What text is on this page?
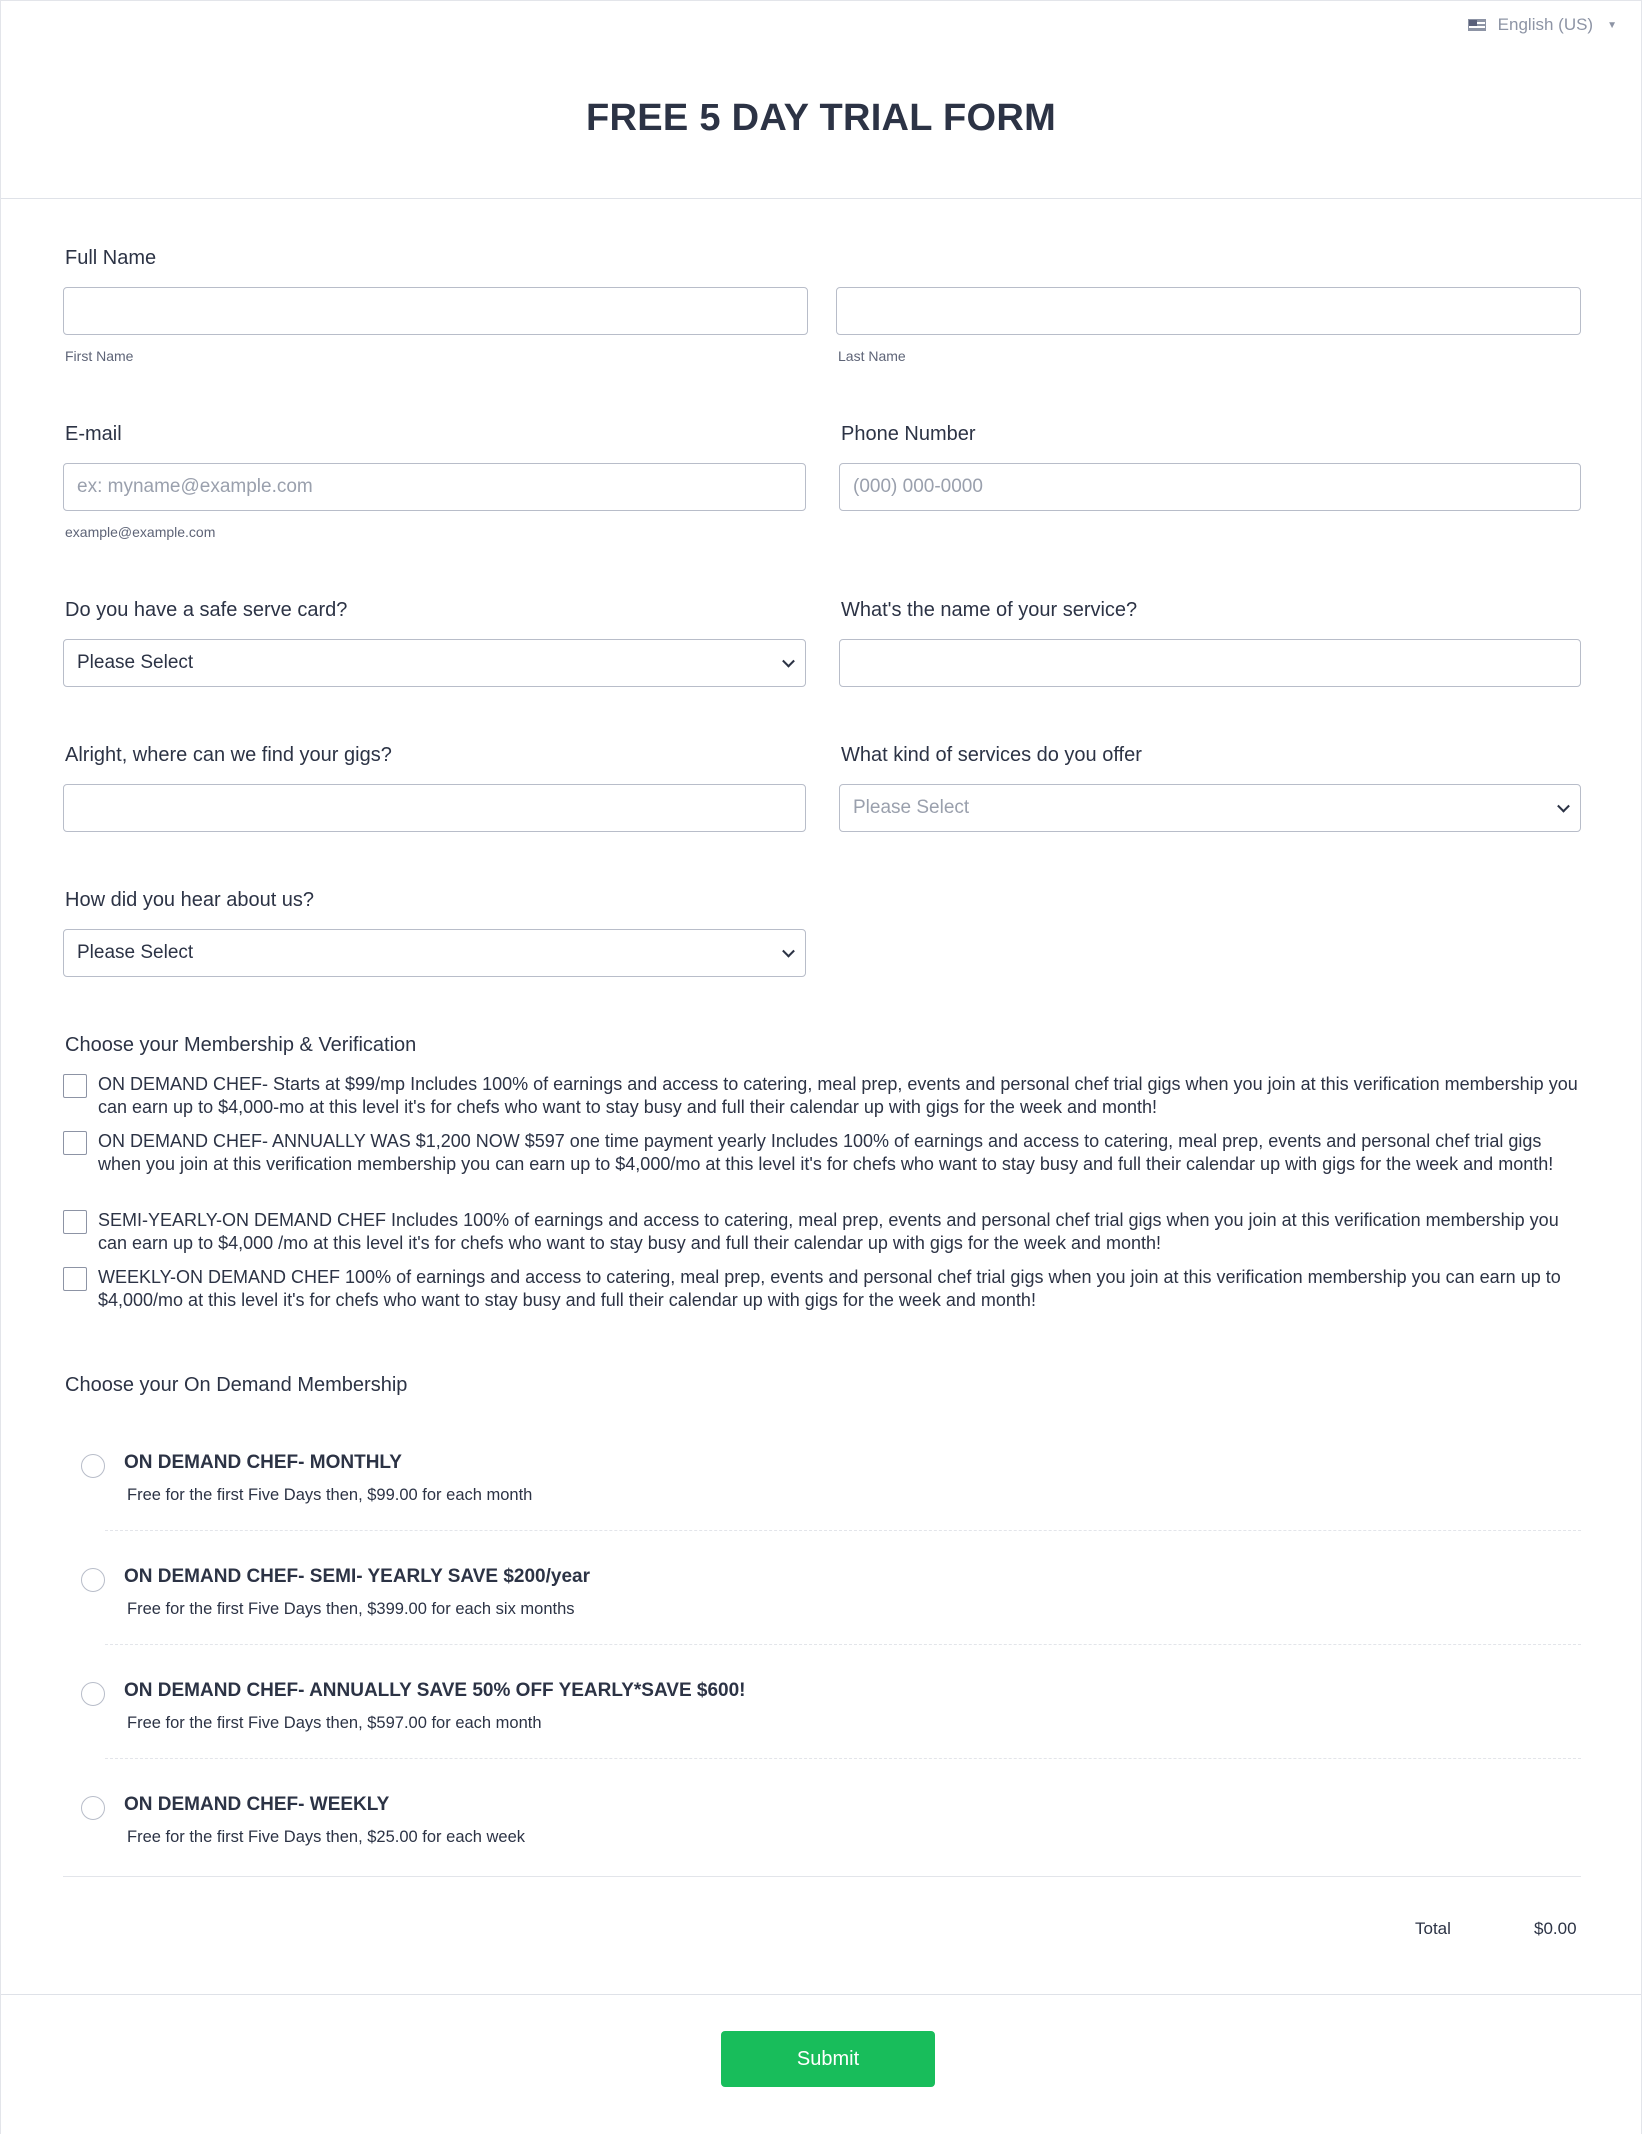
English (US) ▼
FREE 5 DAY TRIAL FORM
Full Name
First Name	Last Name
E-mail
ex: myname@example.com
example@example.com
Phone Number
(000) 000-0000
Do you have a safe serve card?
Please Select
What's the name of your service?
Alright, where can we find your gigs?	What kind of services do you offer
Please Select
How did you hear about us?
Please Select
Choose your Membership & Verification
ON DEMAND CHEF- Starts at $99/mp Includes 100% of earnings and access to catering, meal prep, events and personal chef trial gigs when you join at this verification membership you can earn up to $4,000-mo at this level it's for chefs who want to stay busy and full their calendar up with gigs for the week and month!
ON DEMAND CHEF- ANNUALLY WAS $1,200 NOW $597 one time payment yearly Includes 100% of earnings and access to catering, meal prep, events and personal chef trial gigs when you join at this verification membership you can earn up to $4,000/mo at this level it's for chefs who want to stay busy and full their calendar up with gigs for the week and month!
SEMI-YEARLY-ON DEMAND CHEF Includes 100% of earnings and access to catering, meal prep, events and personal chef trial gigs when you join at this verification membership you can earn up to $4,000 /mo at this level it's for chefs who want to stay busy and full their calendar up with gigs for the week and month!
WEEKLY-ON DEMAND CHEF 100% of earnings and access to catering, meal prep, events and personal chef trial gigs when you join at this verification membership you can earn up to $4,000/mo at this level it's for chefs who want to stay busy and full their calendar up with gigs for the week and month!
Choose your On Demand Membership
ON DEMAND CHEF- MONTHLY
Free for the first Five Days then, $99.00 for each month
ON DEMAND CHEF- SEMI- YEARLY SAVE $200/year
Free for the first Five Days then, $399.00 for each six months
ON DEMAND CHEF- ANNUALLY SAVE 50% OFF YEARLY*SAVE $600!
Free for the first Five Days then, $597.00 for each month
ON DEMAND CHEF- WEEKLY
Free for the first Five Days then, $25.00 for each week
Total	$0.00
Submit
